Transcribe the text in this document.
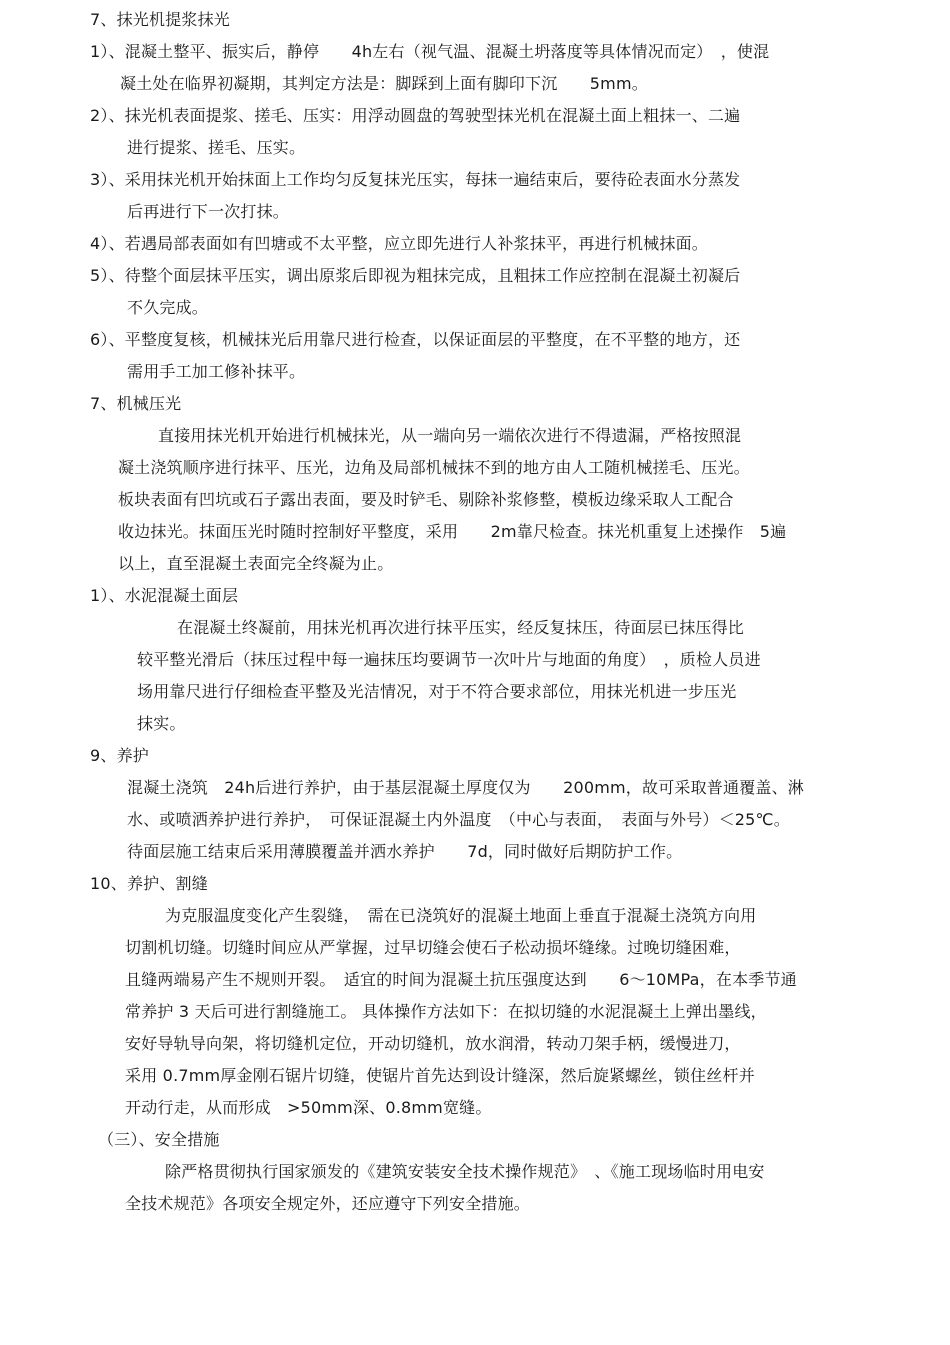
7、抹光机提浆抹光
1）、混凝土整平、振实后，静停　　4h左右（视气温、混凝土坍落度等具体情况而定）　，使混
凝土处在临界初凝期，其判定方法是：脚踩到上面有脚印下沉　　5mm。
2）、抹光机表面提浆、搓毛、压实：用浮动圆盘的驾驶型抹光机在混凝土面上粗抹一、二遍
进行提浆、搓毛、压实。
3）、采用抹光机开始抹面上工作均匀反复抹光压实，每抹一遍结束后，要待砼表面水分蒸发
后再进行下一次打抹。
4）、若遇局部表面如有凹塘或不太平整，应立即先进行人补浆抹平，再进行机械抹面。
5）、待整个面层抹平压实，调出原浆后即视为粗抹完成，且粗抹工作应控制在混凝土初凝后
不久完成。
6）、平整度复核，机械抹光后用靠尺进行检查，以保证面层的平整度，在不平整的地方，还
需用手工加工修补抹平。
7、机械压光
直接用抹光机开始进行机械抹光，从一端向另一端依次进行不得遗漏，严格按照混
凝土浇筑顺序进行抹平、压光，边角及局部机械抹不到的地方由人工随机械搓毛、压光。
板块表面有凹坑或石子露出表面，要及时铲毛、剔除补浆修整，模板边缘采取人工配合
收边抹光。抹面压光时随时控制好平整度，采用　　2m靠尺检查。抹光机重复上述操作　5遍
以上，直至混凝土表面完全终凝为止。
1）、水泥混凝土面层
在混凝土终凝前，用抹光机再次进行抹平压实，经反复抹压，待面层已抹压得比
较平整光滑后（抹压过程中每一遍抹压均要调节一次叶片与地面的角度）　，质检人员进
场用靠尺进行仔细检查平整及光洁情况，对于不符合要求部位，用抹光机进一步压光
抹实。
9、养护
混凝土浇筑　24h后进行养护，由于基层混凝土厚度仅为　　200mm，故可采取普通覆盖、淋
水、或喷洒养护进行养护，　可保证混凝土内外温度　（中心与表面，　表面与外号）＜25℃。
待面层施工结束后采用薄膜覆盖并洒水养护　　7d，同时做好后期防护工作。
10、养护、割缝
为克服温度变化产生裂缝，　需在已浇筑好的混凝土地面上垂直于混凝土浇筑方向用
切割机切缝。切缝时间应从严掌握，过早切缝会使石子松动损坏缝缘。过晚切缝困难，
且缝两端易产生不规则开裂。　适宜的时间为混凝土抗压强度达到　　6～10MPa，在本季节通
常养护 3 天后可进行割缝施工。 具体操作方法如下：在拟切缝的水泥混凝土上弹出墨线，
安好导轨导向架，将切缝机定位，开动切缝机，放水润滑，转动刀架手柄，缓慢进刀，
采用 0.7mm厚金刚石锯片切缝，使锯片首先达到设计缝深，然后旋紧螺丝，锁住丝杆并
开动行走，从而形成　>50mm深、0.8mm宽缝。
（三）、安全措施
除严格贯彻执行国家颁发的《建筑安装安全技术操作规范》　、《施工现场临时用电安
全技术规范》各项安全规定外，还应遵守下列安全措施。
